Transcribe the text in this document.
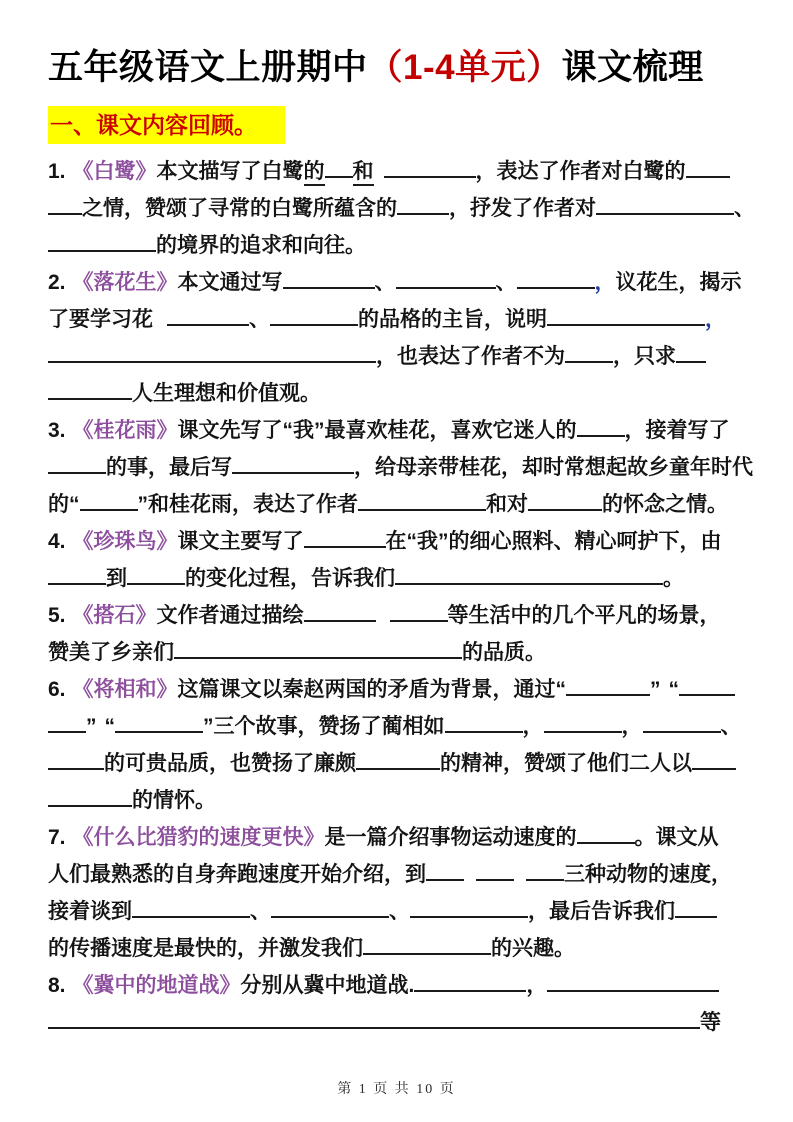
五年级语文上册期中（1-4单元）课文梳理
一、课文内容回顾。
1. 《白鹭》本文描写了白鹭的 和	，表达了作者对白鹭的
之情，赞颂了寻常的白鹭所蕴含的 ，抒发了作者对	、
的境界的追求和向往。
2. 《落花生》本文通过写	、	、	，议花生，揭示
了要学习花	、	的品格的主旨，说明	，
，也表达了作者不为 ，只求
人生理想和价值观。
3. 《桂花雨》课文先写了“我”最喜欢桂花，喜欢它迷人的 ，接着写了
的事，最后写	，给母亲带桂花，却时常想起故乡童年时代
的“	”和桂花雨，表达了作者	和对	的怀念之情。
4. 《珍珠鸟》课文主要写了	在“我”的细心照料、精心呵护下，由
到	的变化过程，告诉我们	。
5. 《搭石》文作者通过描绘	等生活中的几个平凡的场景，
赞美了乡亲们	的品质。
6. 《将相和》这篇课文以秦赵两国的矛盾为背景，通过“	” “
” “	”三个故事，赞扬了蔺相如	，	，	、
的可贵品质，也赞扬了廉颇	的精神，赞颂了他们二人以
的情怀。
7. 《什么比猎豹的速度更快》是一篇介绍事物运动速度的	。课文从
人们最熟悉的自身奔跑速度开始介绍，到	三种动物的速度，
接着谈到	、	、	，最后告诉我们
的传播速度是最快的，并激发我们	的兴趣。
8. 《冀中的地道战》分别从冀中地道战.	，
等
第 1 页 共 10 页
